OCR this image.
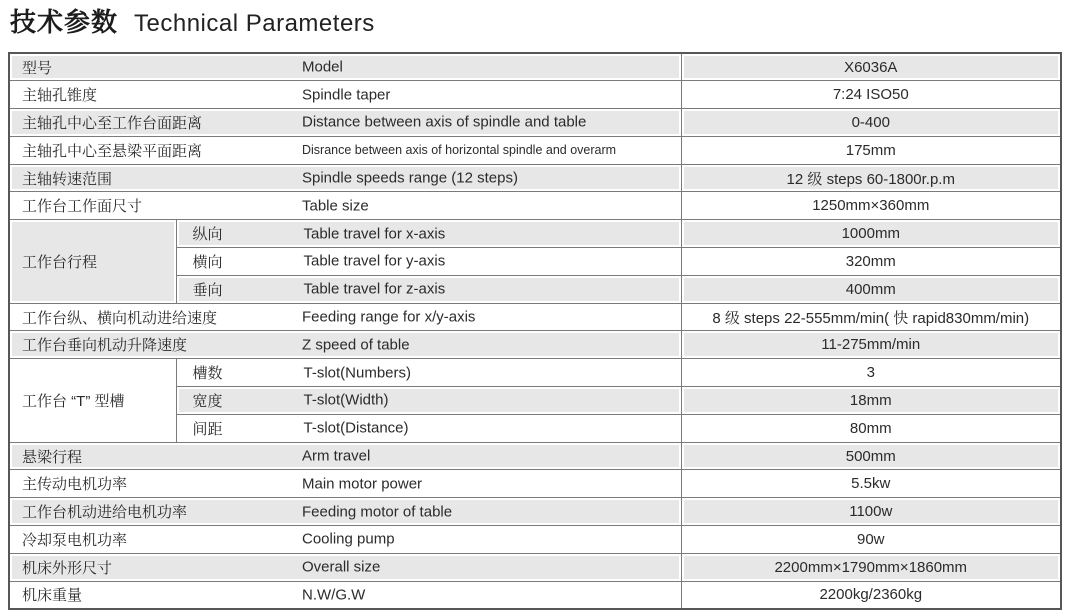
技术参数 Technical Parameters
型号 Model		X6036A
主轴孔锥度 Spindle taper		7:24 ISO50
主轴孔中心至工作台面距离 Distance between axis of spindle and table		0-400
主轴孔中心至悬梁平面距离 Disrance between axis of horizontal spindle and overarm		175mm
主轴转速范围 Spindle speeds range (12 steps)		12 级 steps 60-1800r.p.m
工作台工作面尺寸 Table size		1250mm×360mm
工作台行程	纵向 Table travel for x-axis	1000mm
	横向 Table travel for y-axis	320mm
	垂向 Table travel for z-axis	400mm
工作台纵、横向机动进给速度 Feeding range for x/y-axis		8 级 steps 22-555mm/min( 快 rapid830mm/min)
工作台垂向机动升降速度 Z speed of table		11-275mm/min
工作台 “T” 型槽	槽数 T-slot(Numbers)	3
	宽度 T-slot(Width)	18mm
	间距 T-slot(Distance)	80mm
悬梁行程 Arm travel		500mm
主传动电机功率 Main motor power		5.5kw
工作台机动进给电机功率 Feeding motor of table		1100w
冷却泵电机功率 Cooling pump		90w
机床外形尺寸 Overall size		2200mm×1790mm×1860mm
机床重量 N.W/G.W		2200kg/2360kg
